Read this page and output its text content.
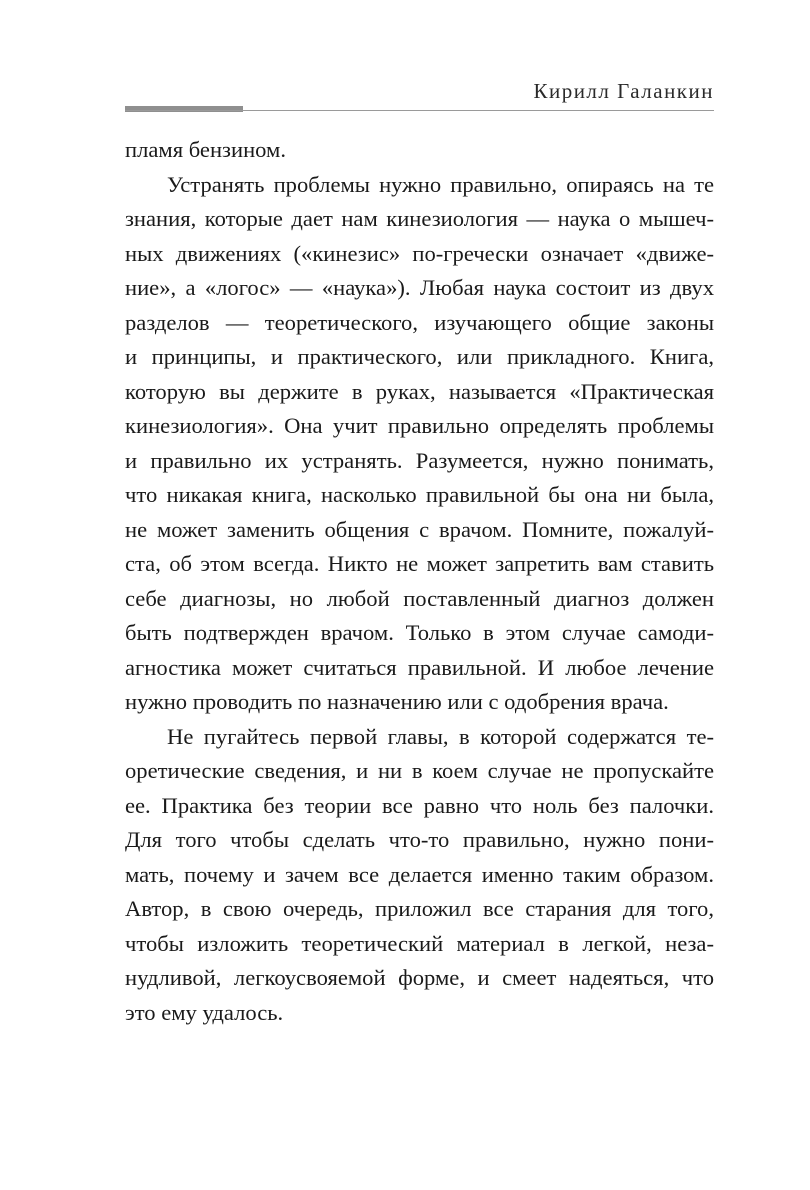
Кирилл Галанкин
пламя бензином.
Устранять проблемы нужно правильно, опираясь на те
знания, которые дает нам кинезиология — наука о мышеч-
ных движениях («кинезис» по-гречески означает «движе-
ние», а «логос» — «наука»). Любая наука состоит из двух
разделов — теоретического, изучающего общие законы
и принципы, и практического, или прикладного. Книга,
которую вы держите в руках, называется «Практическая
кинезиология». Она учит правильно определять проблемы
и правильно их устранять. Разумеется, нужно понимать,
что никакая книга, насколько правильной бы она ни была,
не может заменить общения с врачом. Помните, пожалуй-
ста, об этом всегда. Никто не может запретить вам ставить
себе диагнозы, но любой поставленный диагноз должен
быть подтвержден врачом. Только в этом случае самоди-
агностика может считаться правильной. И любое лечение
нужно проводить по назначению или с одобрения врача.
Не пугайтесь первой главы, в которой содержатся те-
оретические сведения, и ни в коем случае не пропускайте
ее. Практика без теории все равно что ноль без палочки.
Для того чтобы сделать что-то правильно, нужно пони-
мать, почему и зачем все делается именно таким образом.
Автор, в свою очередь, приложил все старания для того,
чтобы изложить теоретический материал в легкой, неза-
нудливой, легкоусвояемой форме, и смеет надеяться, что
это ему удалось.
